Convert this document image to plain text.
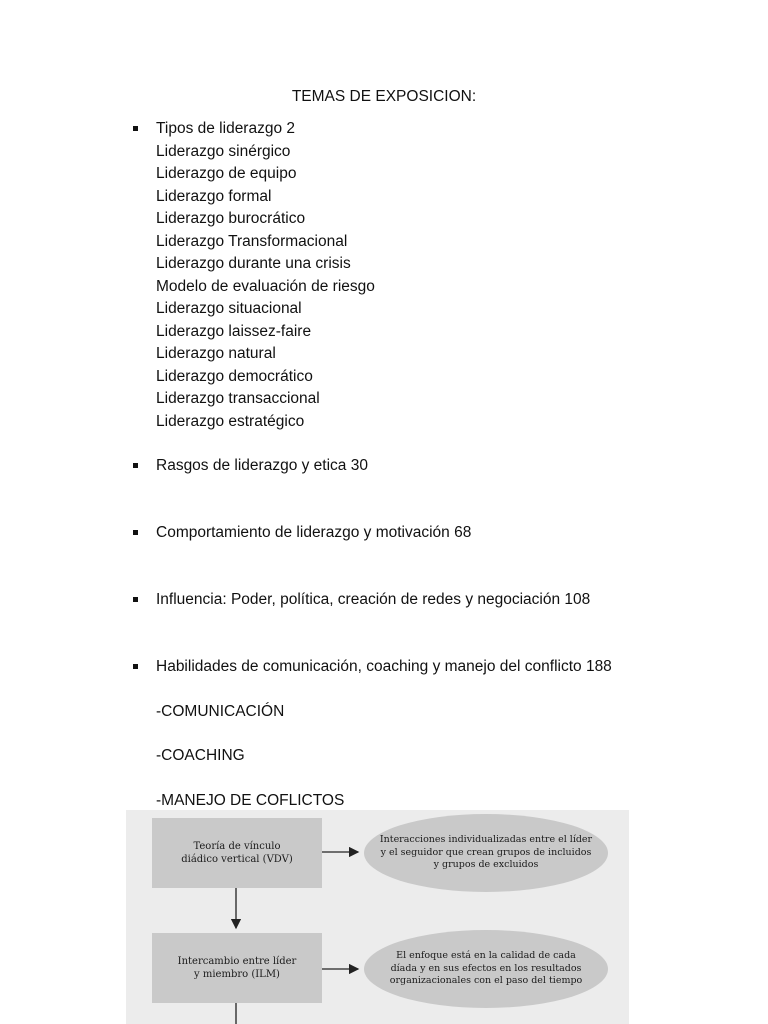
TEMAS DE EXPOSICION:
Tipos de liderazgo 2
Liderazgo sinérgico
Liderazgo de equipo
Liderazgo formal
Liderazgo burocrático
Liderazgo Transformacional
Liderazgo durante una crisis
Modelo de evaluación de riesgo
Liderazgo situacional
Liderazgo laissez-faire
Liderazgo natural
Liderazgo democrático
Liderazgo transaccional
Liderazgo estratégico
Rasgos de liderazgo y etica 30
Comportamiento de liderazgo y motivación 68
Influencia: Poder, política, creación de redes y negociación 108
Habilidades de comunicación, coaching y manejo del conflicto 188
-COMUNICACIÓN
-COACHING
-MANEJO DE COFLICTOS
Teoría de vínculo
diádico vertical (VDV)
Interacciones individualizadas entre el líder
y el seguidor que crean grupos de incluidos
y grupos de excluidos
Intercambio entre líder
y miembro (ILM)
El enfoque está en la calidad de cada
díada y en sus efectos en los resultados
organizacionales con el paso del tiempo
